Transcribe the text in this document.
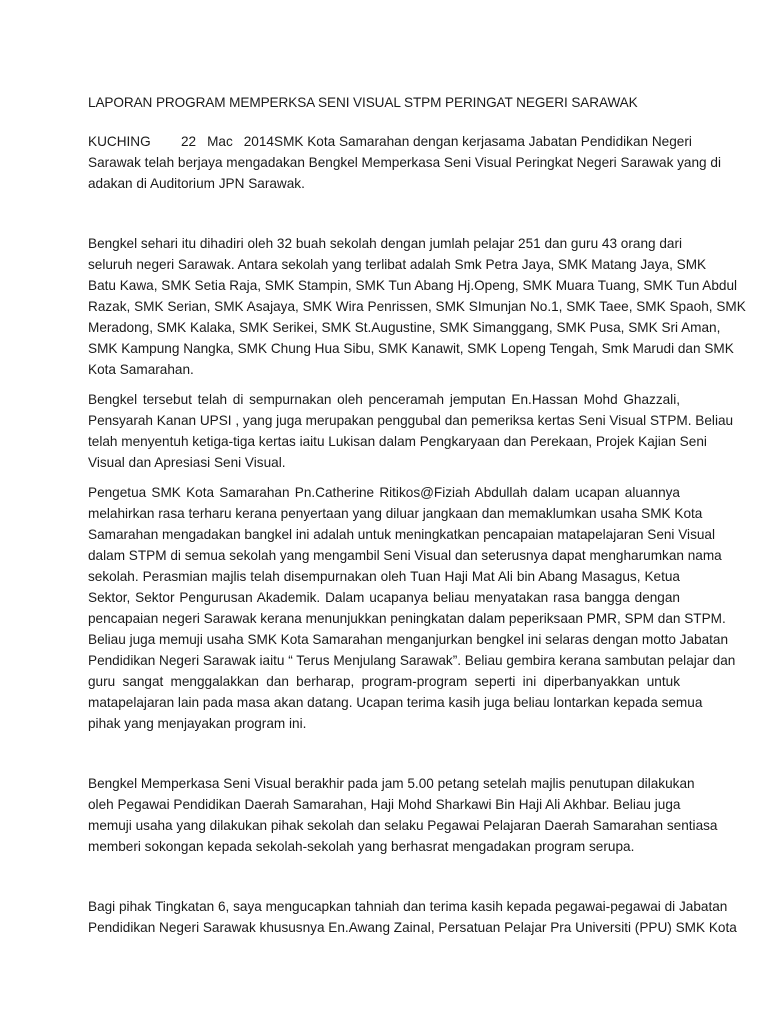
LAPORAN PROGRAM MEMPERKSA SENI VISUAL STPM PERINGAT NEGERI SARAWAK

KUCHING 22 Mac 2014SMK Kota Samarahan dengan kerjasama Jabatan Pendidikan Negeri
Sarawak telah berjaya mengadakan Bengkel Memperkasa Seni Visual Peringkat Negeri Sarawak yang di
adakan di Auditorium JPN Sarawak.
Bengkel sehari itu dihadiri oleh 32 buah sekolah dengan jumlah pelajar 251 dan guru 43 orang dari
seluruh negeri Sarawak. Antara sekolah yang terlibat adalah Smk Petra Jaya, SMK Matang Jaya, SMK
Batu Kawa, SMK Setia Raja, SMK Stampin, SMK Tun Abang Hj.Openg, SMK Muara Tuang, SMK Tun Abdul
Razak, SMK Serian, SMK Asajaya, SMK Wira Penrissen, SMK SImunjan No.1, SMK Taee, SMK Spaoh, SMK
Meradong, SMK Kalaka, SMK Serikei, SMK St.Augustine, SMK Simanggang, SMK Pusa, SMK Sri Aman,
SMK Kampung Nangka, SMK Chung Hua Sibu, SMK Kanawit, SMK Lopeng Tengah, Smk Marudi dan SMK
Kota Samarahan.
Bengkel tersebut telah di sempurnakan oleh penceramah jemputan En.Hassan Mohd Ghazzali,
Pensyarah Kanan UPSI , yang juga merupakan penggubal dan pemeriksa kertas Seni Visual STPM. Beliau
telah menyentuh ketiga-tiga kertas iaitu Lukisan dalam Pengkaryaan dan Perekaan, Projek Kajian Seni
Visual dan Apresiasi Seni Visual.
Pengetua SMK Kota Samarahan Pn.Catherine Ritikos@Fiziah Abdullah dalam ucapan aluannya
melahirkan rasa terharu kerana penyertaan yang diluar jangkaan dan memaklumkan usaha SMK Kota
Samarahan mengadakan bangkel ini adalah untuk meningkatkan pencapaian matapelajaran Seni Visual
dalam STPM di semua sekolah yang mengambil Seni Visual dan seterusnya dapat mengharumkan nama
sekolah. Perasmian majlis telah disempurnakan oleh Tuan Haji Mat Ali bin Abang Masagus, Ketua
Sektor, Sektor Pengurusan Akademik. Dalam ucapanya beliau menyatakan rasa bangga dengan
pencapaian negeri Sarawak kerana menunjukkan peningkatan dalam peperiksaan PMR, SPM dan STPM.
Beliau juga memuji usaha SMK Kota Samarahan menganjurkan bengkel ini selaras dengan motto Jabatan
Pendidikan Negeri Sarawak iaitu “ Terus Menjulang Sarawak”. Beliau gembira kerana sambutan pelajar dan
guru sangat menggalakkan dan berharap, program-program seperti ini diperbanyakkan untuk
matapelajaran lain pada masa akan datang. Ucapan terima kasih juga beliau lontarkan kepada semua
pihak yang menjayakan program ini.
Bengkel Memperkasa Seni Visual berakhir pada jam 5.00 petang setelah majlis penutupan dilakukan
oleh Pegawai Pendidikan Daerah Samarahan, Haji Mohd Sharkawi Bin Haji Ali Akhbar. Beliau juga
memuji usaha yang dilakukan pihak sekolah dan selaku Pegawai Pelajaran Daerah Samarahan sentiasa
memberi sokongan kepada sekolah-sekolah yang berhasrat mengadakan program serupa.
Bagi pihak Tingkatan 6, saya mengucapkan tahniah dan terima kasih kepada pegawai-pegawai di Jabatan
Pendidikan Negeri Sarawak khususnya En.Awang Zainal, Persatuan Pelajar Pra Universiti (PPU) SMK Kota
